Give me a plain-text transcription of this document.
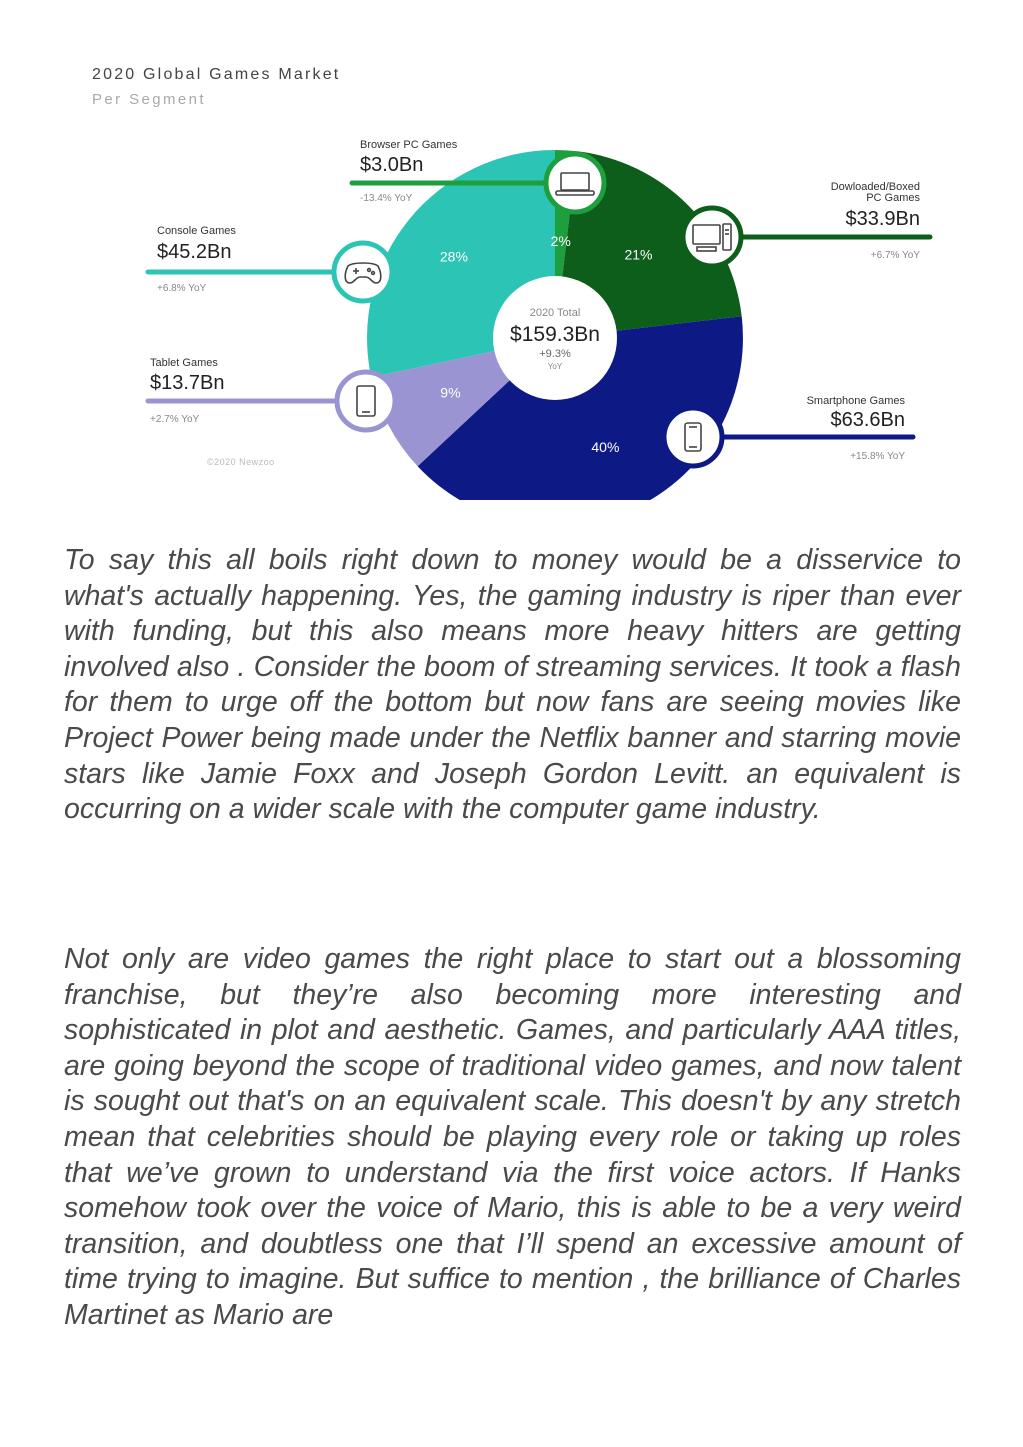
2020 Global Games Market
Per Segment
2%
21%
40%
9%
28%
Browser PC Games
$3.0Bn
-13.4% YoY
Dowloaded/Boxed
PC Games
$33.9Bn
+6.7% YoY
Smartphone Games
$63.6Bn
+15.8% YoY
Tablet Games
$13.7Bn
+2.7% YoY
Console Games
$45.2Bn
+6.8% YoY
2020 Total
$159.3Bn
+9.3%
YoY
©2020 Newzoo

To say this all boils right down to money would be a disservice to what's actually happening. Yes, the gaming industry is riper than ever with funding, but this also means more heavy hitters are getting involved also . Consider the boom of streaming services. It took a flash for them to urge off the bottom but now fans are seeing movies like Project Power being made under the Netflix banner and starring movie stars like Jamie Foxx and Joseph Gordon Levitt. an equivalent is occurring on a wider scale with the computer game industry.

Not only are video games the right place to start out a blossoming franchise, but they’re also becoming more interesting and sophisticated in plot and aesthetic. Games, and particularly AAA titles, are going beyond the scope of traditional video games, and now talent is sought out that's on an equivalent scale. This doesn't by any stretch mean that celebrities should be playing every role or taking up roles that we’ve grown to understand via the first voice actors. If Hanks somehow took over the voice of Mario, this is able to be a very weird transition, and doubtless one that I’ll spend an excessive amount of time trying to imagine. But suffice to mention , the brilliance of Charles Martinet as Mario are
